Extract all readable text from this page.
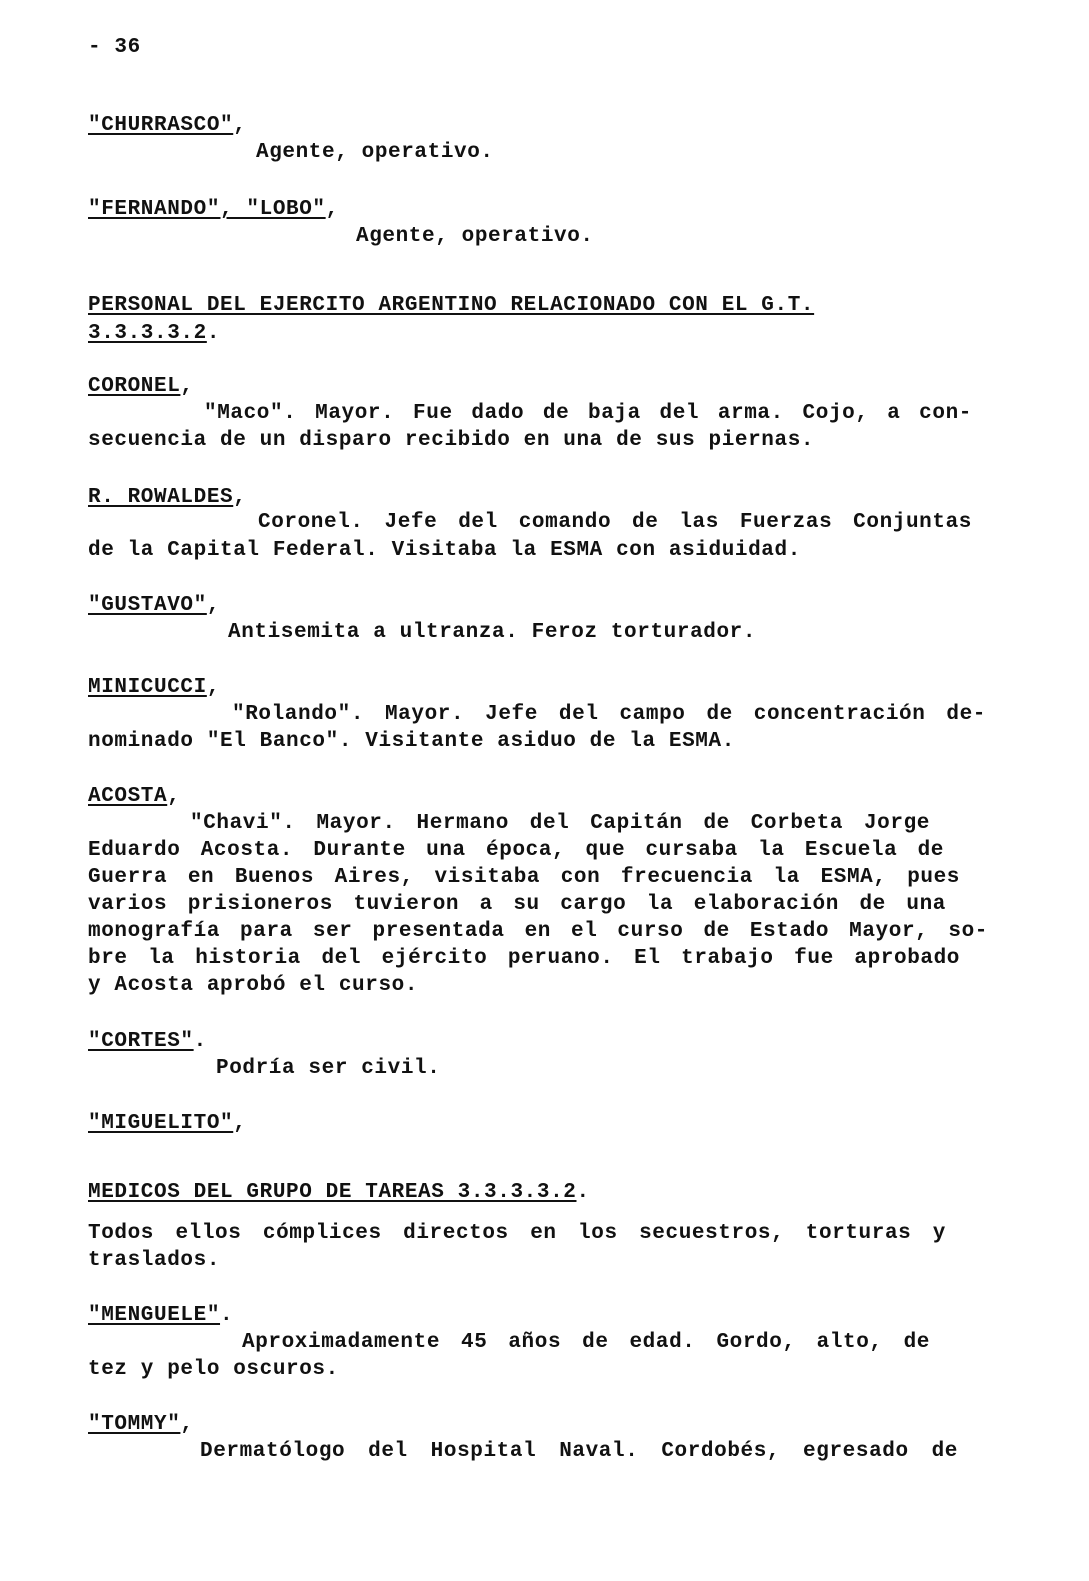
- 36
"CHURRASCO",
Agente, operativo.
"FERNANDO", "LOBO",
Agente, operativo.
PERSONAL DEL EJERCITO ARGENTINO RELACIONADO CON EL G.T.
3.3.3.3.2.
CORONEL,
"Maco". Mayor. Fue dado de baja del arma. Cojo, a con-
secuencia de un disparo recibido en una de sus piernas.
R. ROWALDES,
Coronel. Jefe del comando de las Fuerzas Conjuntas
de la Capital Federal. Visitaba la ESMA con asiduidad.
"GUSTAVO",
Antisemita a ultranza. Feroz torturador.
MINICUCCI,
"Rolando". Mayor. Jefe del campo de concentración de-
nominado "El Banco". Visitante asiduo de la ESMA.
ACOSTA,
"Chavi". Mayor. Hermano del Capitán de Corbeta Jorge
Eduardo Acosta. Durante una época, que cursaba la Escuela de
Guerra en Buenos Aires, visitaba con frecuencia la ESMA, pues
varios prisioneros tuvieron a su cargo la elaboración de una
monografía para ser presentada en el curso de Estado Mayor, so-
bre la historia del ejército peruano. El trabajo fue aprobado
y Acosta aprobó el curso.
"CORTES".
Podría ser civil.
"MIGUELITO",
MEDICOS DEL GRUPO DE TAREAS 3.3.3.3.2.
Todos ellos cómplices directos en los secuestros, torturas y
traslados.
"MENGUELE".
Aproximadamente 45 años de edad. Gordo, alto, de
tez y pelo oscuros.
"TOMMY",
Dermatólogo del Hospital Naval. Cordobés, egresado de
